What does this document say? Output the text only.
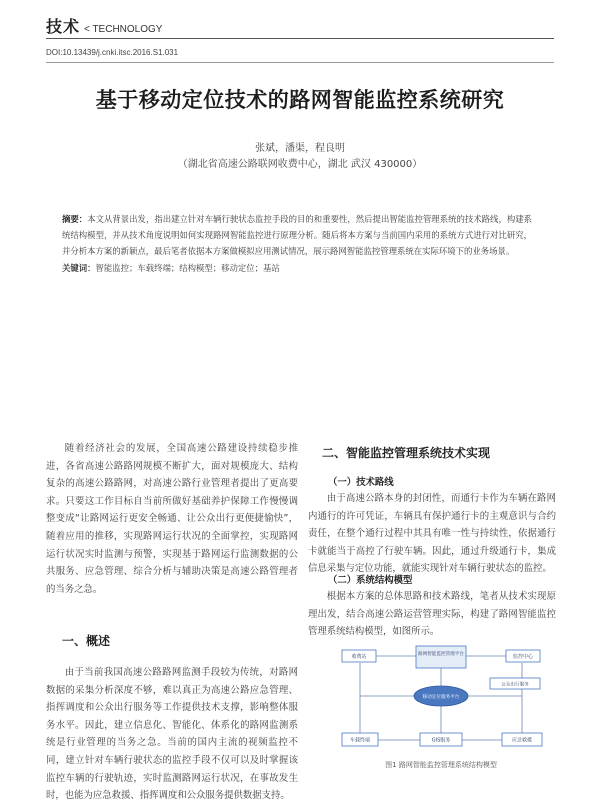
技术 < TECHNOLOGY
DOI:10.13439/j.cnki.itsc.2016.S1.031
基于移动定位技术的路网智能监控系统研究
张斌，潘渠，程良明
（湖北省高速公路联网收费中心，湖北 武汉 430000）
摘要：本文从背景出发，指出建立针对车辆行驶状态监控手段的目的和重要性，然后提出智能监控管理系统的技术路线，构建系统结构模型，并从技术角度说明如何实现路网智能监控进行原理分析。随后将本方案与当前国内采用的系统方式进行对比研究，并分析本方案的新颖点，最后笔者依据本方案做模拟应用测试情况，展示路网智能监控管理系统在实际环境下的业务场景。
关键词：智能监控；车载终端；结构模型；移动定位；基站

随着经济社会的发展，全国高速公路建设持续稳步推进，各省高速公路路网规模不断扩大，面对规模庞大、结构复杂的高速公路路网，对高速公路行业管理者提出了更高要求。只要这工作目标自当前所做好基础养护保障工作慢慢调整变成“让路网运行更安全畅通、让公众出行更便捷愉快”，随着应用的推移，实现路网运行状况的全面掌控，实现路网运行状况实时监测与预警，实现基于路网运行监测数据的公共服务、应急管理、综合分析与辅助决策是高速公路管理者的当务之急。

一、概述

由于当前我国高速公路路网监测手段较为传统，对路网数据的采集分析深度不够，难以真正为高速公路应急管理、指挥调度和公众出行服务等工作提供技术支撑，影响整体服务水平。因此，建立信息化、智能化、体系化的路网监测系统是行业管理的当务之急。当前的国内主流的视频监控不同，建立针对车辆行驶状态的监控手段不仅可以及时掌握该监控车辆的行驶轨迹，实时监测路网运行状况，在事故发生时，也能为应急救援、指挥调度和公众服务提供数据支持。

二、智能监控管理系统技术实现
（一）技术路线

由于高速公路本身的封闭性，而通行卡作为车辆在路网内通行的许可凭证，车辆具有保护通行卡的主观意识与合约责任，在整个通行过程中其具有唯一性与持续性，依据通行卡就能当于高控了行驶车辆。因此，通过升级通行卡，集成信息采集与定位功能，就能实现针对车辆行驶状态的监控。

（二）系统结构模型

根据本方案的总体思路和技术路线，笔者从技术实现原理出发，结合高速公路运营管理实际，构建了路网智能监控管理系统结构模型，如图所示。

路网智能监控管理平台
收费站	监控中心
移动定位服务平台
车载终端	GIS服务	应急救援
公众出行服务
图1 路网智能监控管理系统结构模型
